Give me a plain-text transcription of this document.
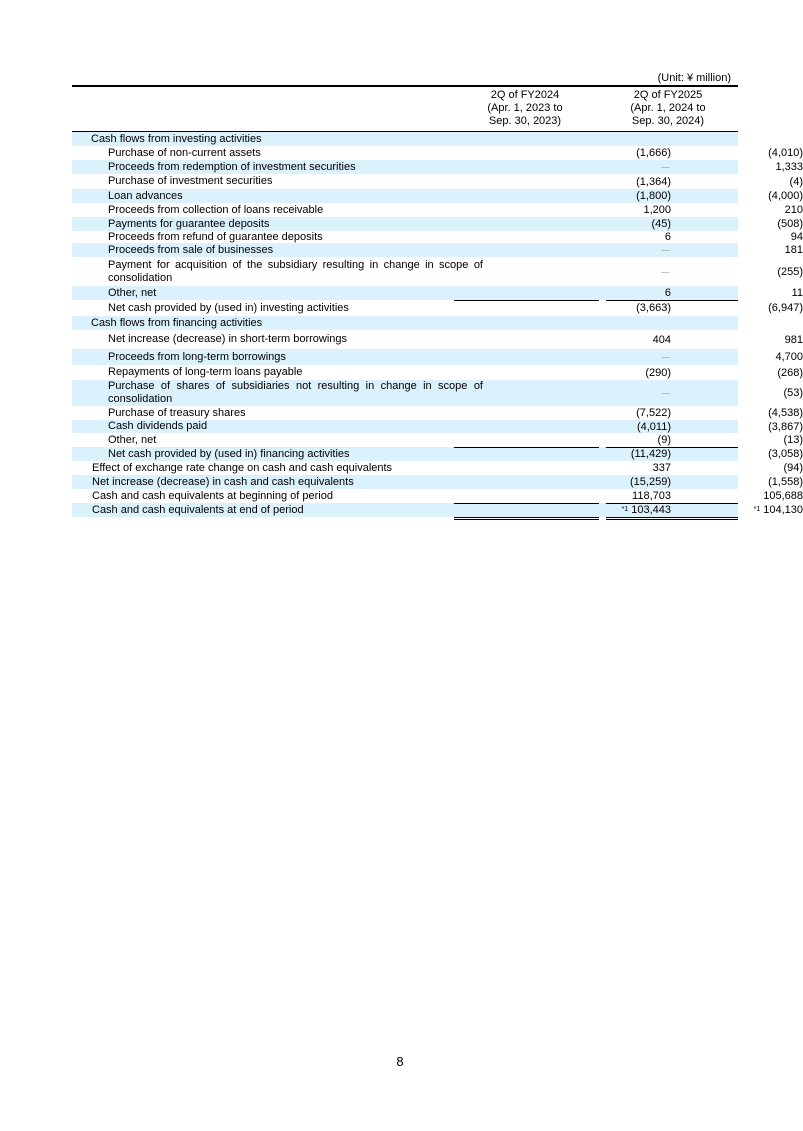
(Unit: ¥ million)
2Q of FY2024
(Apr. 1, 2023 to
Sep. 30, 2023)
2Q of FY2025
(Apr. 1, 2024 to
Sep. 30, 2024)
Cash flows from investing activities
Purchase of non-current assets	(1,666)	(4,010)
Proceeds from redemption of investment securities	－	1,333
Purchase of investment securities	(1,364)	(4)
Loan advances	(1,800)	(4,000)
Proceeds from collection of loans receivable	1,200	210
Payments for guarantee deposits	(45)	(508)
Proceeds from refund of guarantee deposits	6	94
Proceeds from sale of businesses	－	181
Payment for acquisition of the subsidiary resulting in change in scope of consolidation	－	(255)
Other, net	6	11
Net cash provided by (used in) investing activities	(3,663)	(6,947)
Cash flows from financing activities
Net increase (decrease) in short-term borrowings	404	981
Proceeds from long-term borrowings	－	4,700
Repayments of long-term loans payable	(290)	(268)
Purchase of shares of subsidiaries not resulting in change in scope of consolidation	－	(53)
Purchase of treasury shares	(7,522)	(4,538)
Cash dividends paid	(4,011)	(3,867)
Other, net	(9)	(13)
Net cash provided by (used in) financing activities	(11,429)	(3,058)
Effect of exchange rate change on cash and cash equivalents	337	(94)
Net increase (decrease) in cash and cash equivalents	(15,259)	(1,558)
Cash and cash equivalents at beginning of period	118,703	105,688
Cash and cash equivalents at end of period	*1 103,443	*1 104,130
8
